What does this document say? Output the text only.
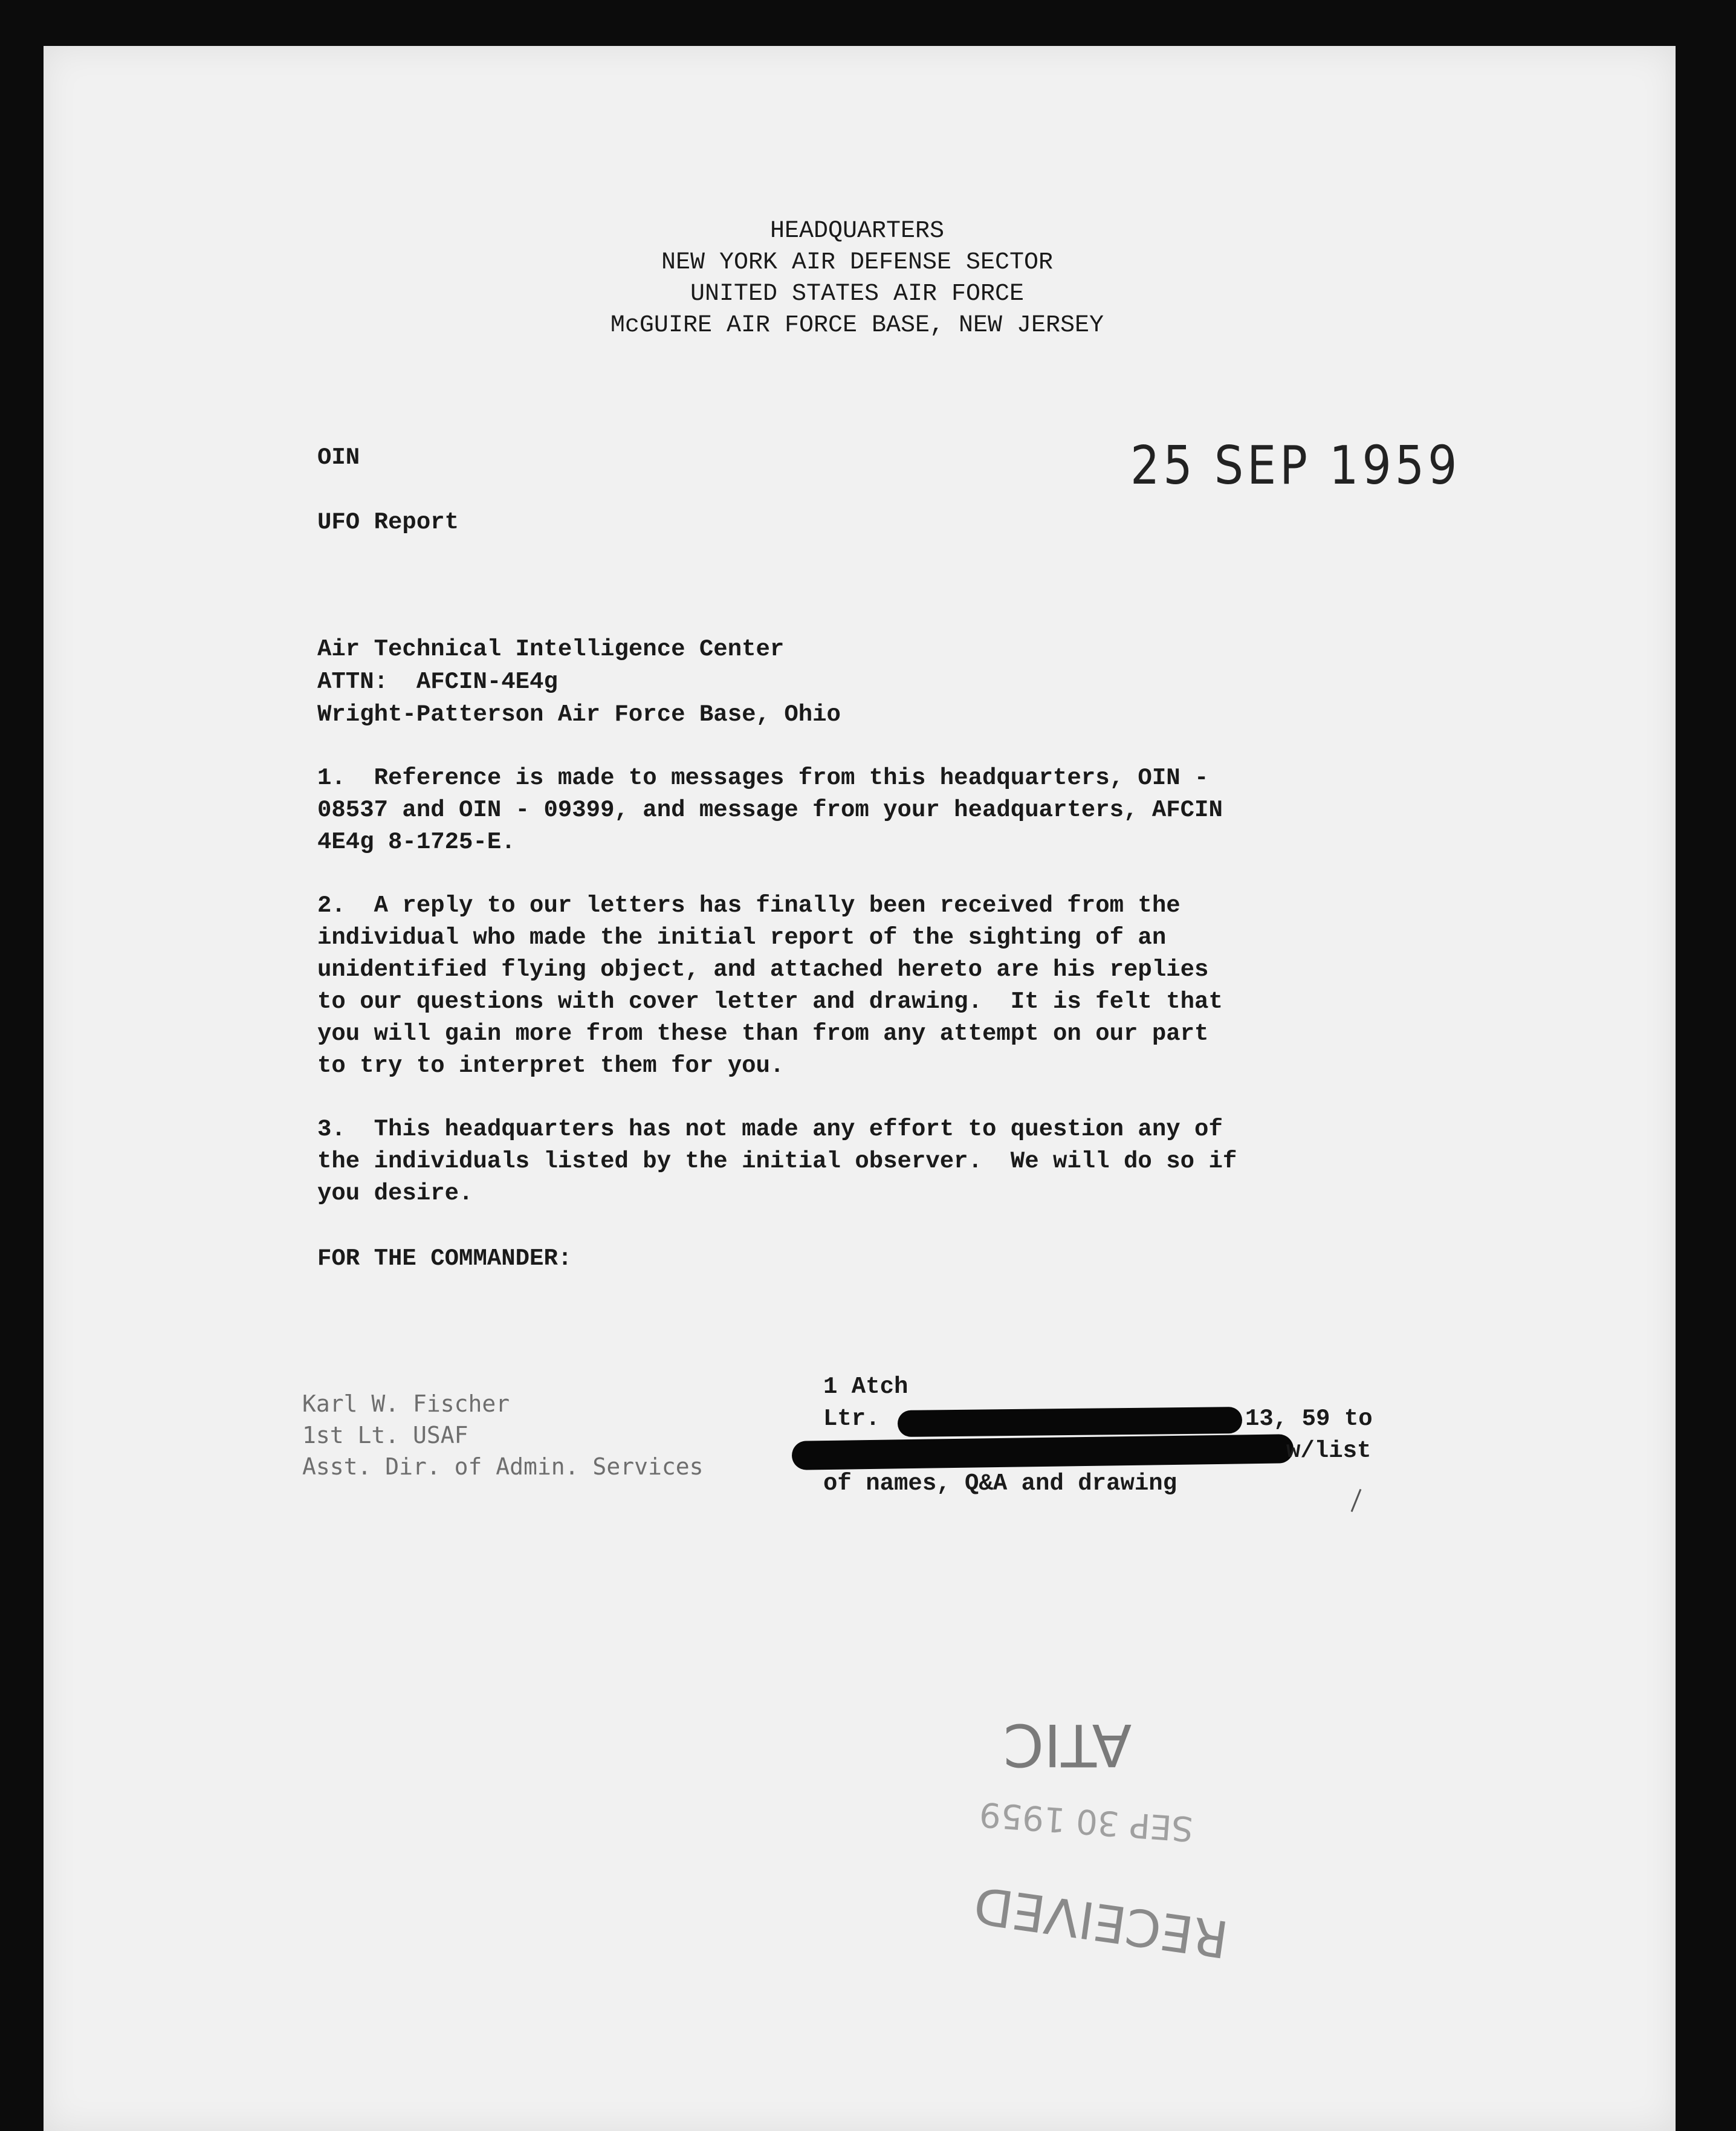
HEADQUARTERS
NEW YORK AIR DEFENSE SECTOR
UNITED STATES AIR FORCE
McGUIRE AIR FORCE BASE, NEW JERSEY
OIN	25 SEP 1959
UFO Report
Air Technical Intelligence Center
ATTN:  AFCIN-4E4g
Wright-Patterson Air Force Base, Ohio
1.  Reference is made to messages from this headquarters, OIN -
08537 and OIN - 09399, and message from your headquarters, AFCIN
4E4g 8-1725-E.
2.  A reply to our letters has finally been received from the
individual who made the initial report of the sighting of an
unidentified flying object, and attached hereto are his replies
to our questions with cover letter and drawing.  It is felt that
you will gain more from these than from any attempt on our part
to try to interpret them for you.
3.  This headquarters has not made any effort to question any of
the individuals listed by the initial observer.  We will do so if
you desire.
FOR THE COMMANDER:
Karl W. Fischer
1st Lt. USAF
Asst. Dir. of Admin. Services
1 Atch
Ltr.	13, 59 to
w/list
of names, Q&A and drawing
ATIC
SEP 30 1959
RECEIVED
